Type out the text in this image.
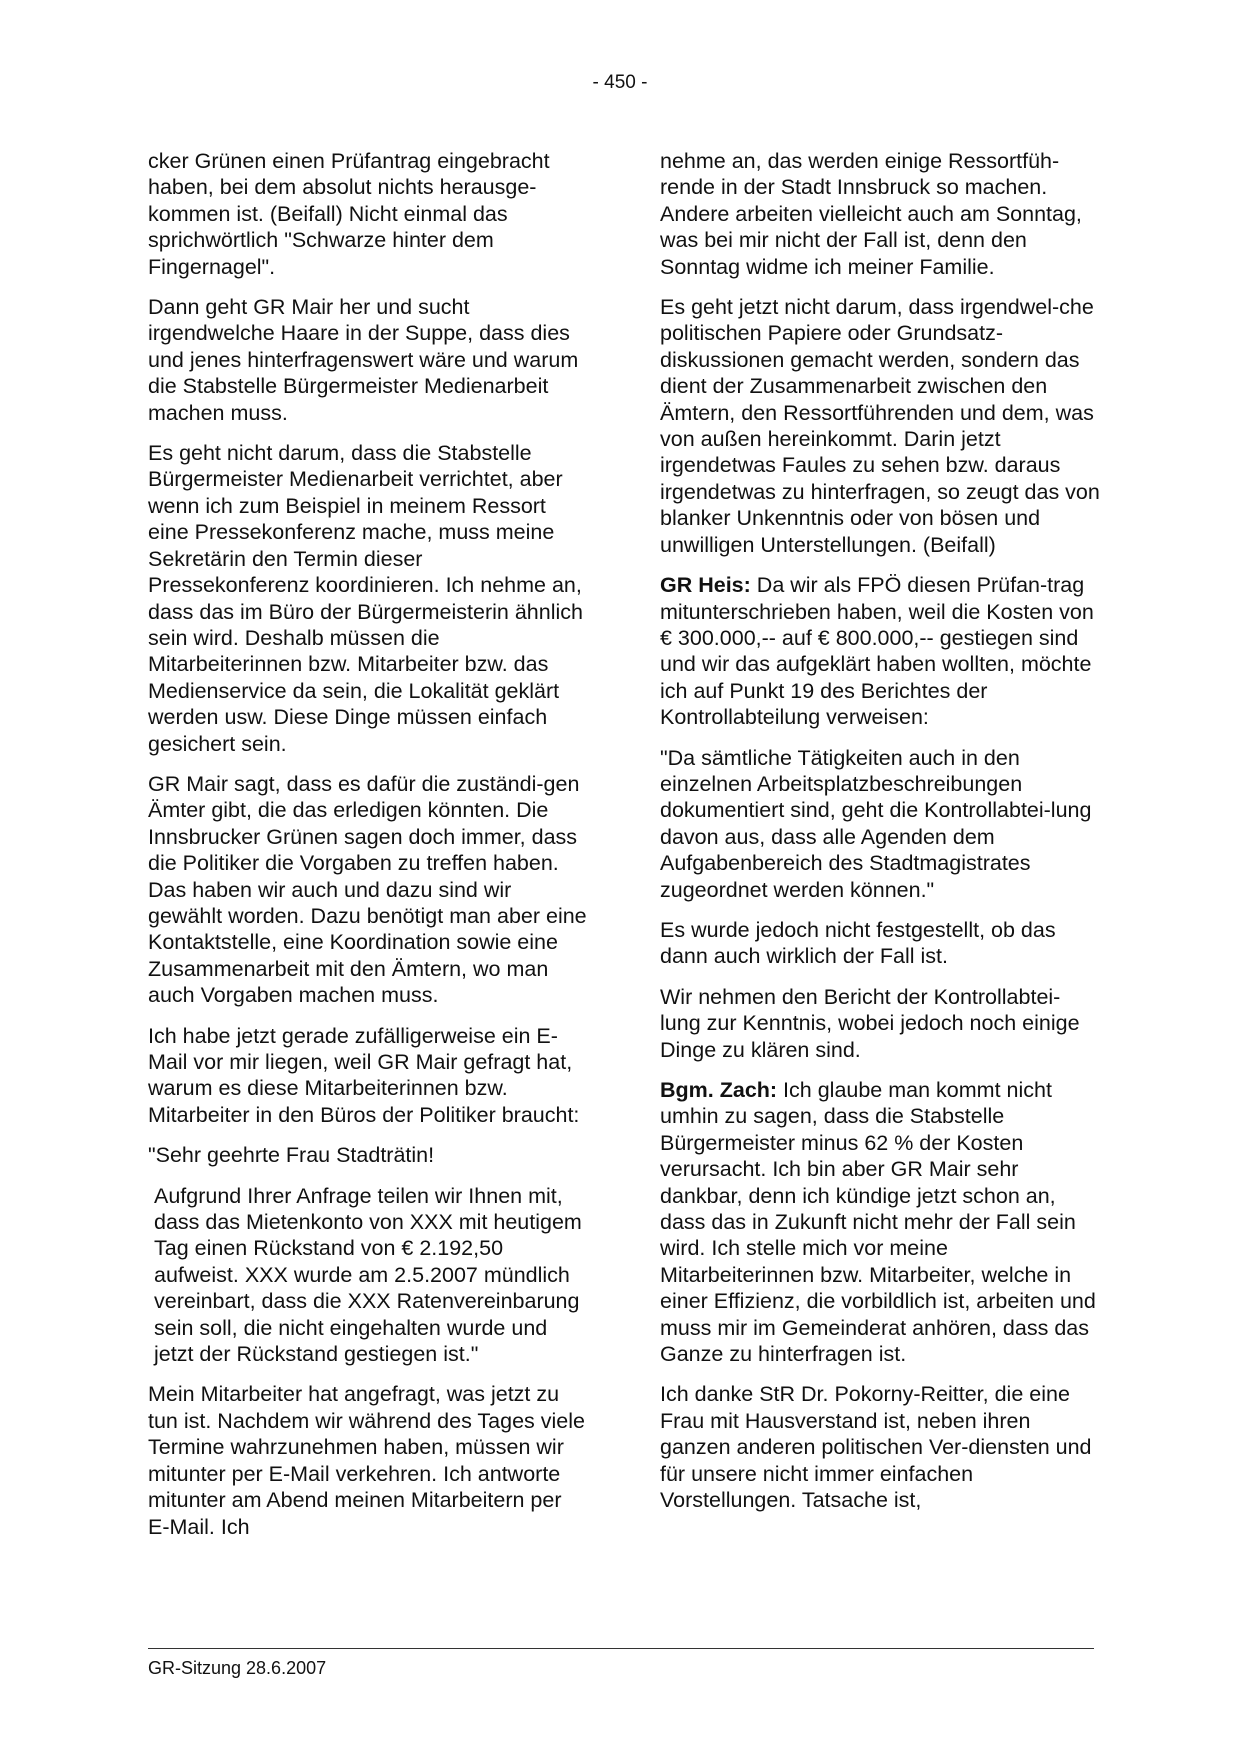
- 450 -

cker Grünen einen Prüfantrag eingebracht haben, bei dem absolut nichts herausge-kommen ist. (Beifall) Nicht einmal das sprichwörtlich "Schwarze hinter dem Fingernagel".

Dann geht GR Mair her und sucht irgendwelche Haare in der Suppe, dass dies und jenes hinterfragenswert wäre und warum die Stabstelle Bürgermeister Medienarbeit machen muss.

Es geht nicht darum, dass die Stabstelle Bürgermeister Medienarbeit verrichtet, aber wenn ich zum Beispiel in meinem Ressort eine Pressekonferenz mache, muss meine Sekretärin den Termin dieser Pressekonferenz koordinieren. Ich nehme an, dass das im Büro der Bürgermeisterin ähnlich sein wird. Deshalb müssen die Mitarbeiterinnen bzw. Mitarbeiter bzw. das Medienservice da sein, die Lokalität geklärt werden usw. Diese Dinge müssen einfach gesichert sein.

GR Mair sagt, dass es dafür die zuständi-gen Ämter gibt, die das erledigen könnten. Die Innsbrucker Grünen sagen doch immer, dass die Politiker die Vorgaben zu treffen haben. Das haben wir auch und dazu sind wir gewählt worden. Dazu benötigt man aber eine Kontaktstelle, eine Koordination sowie eine Zusammenarbeit mit den Ämtern, wo man auch Vorgaben machen muss.

Ich habe jetzt gerade zufälligerweise ein E-Mail vor mir liegen, weil GR Mair gefragt hat, warum es diese Mitarbeiterinnen bzw. Mitarbeiter in den Büros der Politiker braucht:

"Sehr geehrte Frau Stadträtin!

Aufgrund Ihrer Anfrage teilen wir Ihnen mit, dass das Mietenkonto von XXX mit heutigem Tag einen Rückstand von € 2.192,50 aufweist. XXX wurde am 2.5.2007 mündlich vereinbart, dass die XXX Ratenvereinbarung sein soll, die nicht eingehalten wurde und jetzt der Rückstand gestiegen ist."

Mein Mitarbeiter hat angefragt, was jetzt zu tun ist. Nachdem wir während des Tages viele Termine wahrzunehmen haben, müssen wir mitunter per E-Mail verkehren. Ich antworte mitunter am Abend meinen Mitarbeitern per E-Mail. Ich

nehme an, das werden einige Ressortfüh-rende in der Stadt Innsbruck so machen. Andere arbeiten vielleicht auch am Sonntag, was bei mir nicht der Fall ist, denn den Sonntag widme ich meiner Familie.

Es geht jetzt nicht darum, dass irgendwel-che politischen Papiere oder Grundsatz-diskussionen gemacht werden, sondern das dient der Zusammenarbeit zwischen den Ämtern, den Ressortführenden und dem, was von außen hereinkommt. Darin jetzt irgendetwas Faules zu sehen bzw. daraus irgendetwas zu hinterfragen, so zeugt das von blanker Unkenntnis oder von bösen und unwilligen Unterstellungen. (Beifall)

GR Heis: Da wir als FPÖ diesen Prüfan-trag mitunterschrieben haben, weil die Kosten von € 300.000,-- auf € 800.000,-- gestiegen sind und wir das aufgeklärt haben wollten, möchte ich auf Punkt 19 des Berichtes der Kontrollabteilung verweisen:

"Da sämtliche Tätigkeiten auch in den einzelnen Arbeitsplatzbeschreibungen dokumentiert sind, geht die Kontrollabtei-lung davon aus, dass alle Agenden dem Aufgabenbereich des Stadtmagistrates zugeordnet werden können."

Es wurde jedoch nicht festgestellt, ob das dann auch wirklich der Fall ist.

Wir nehmen den Bericht der Kontrollabtei-lung zur Kenntnis, wobei jedoch noch einige Dinge zu klären sind.

Bgm. Zach: Ich glaube man kommt nicht umhin zu sagen, dass die Stabstelle Bürgermeister minus 62 % der Kosten verursacht. Ich bin aber GR Mair sehr dankbar, denn ich kündige jetzt schon an, dass das in Zukunft nicht mehr der Fall sein wird. Ich stelle mich vor meine Mitarbeiterinnen bzw. Mitarbeiter, welche in einer Effizienz, die vorbildlich ist, arbeiten und muss mir im Gemeinderat anhören, dass das Ganze zu hinterfragen ist.

Ich danke StR Dr. Pokorny-Reitter, die eine Frau mit Hausverstand ist, neben ihren ganzen anderen politischen Ver-diensten und für unsere nicht immer einfachen Vorstellungen. Tatsache ist,

GR-Sitzung 28.6.2007
